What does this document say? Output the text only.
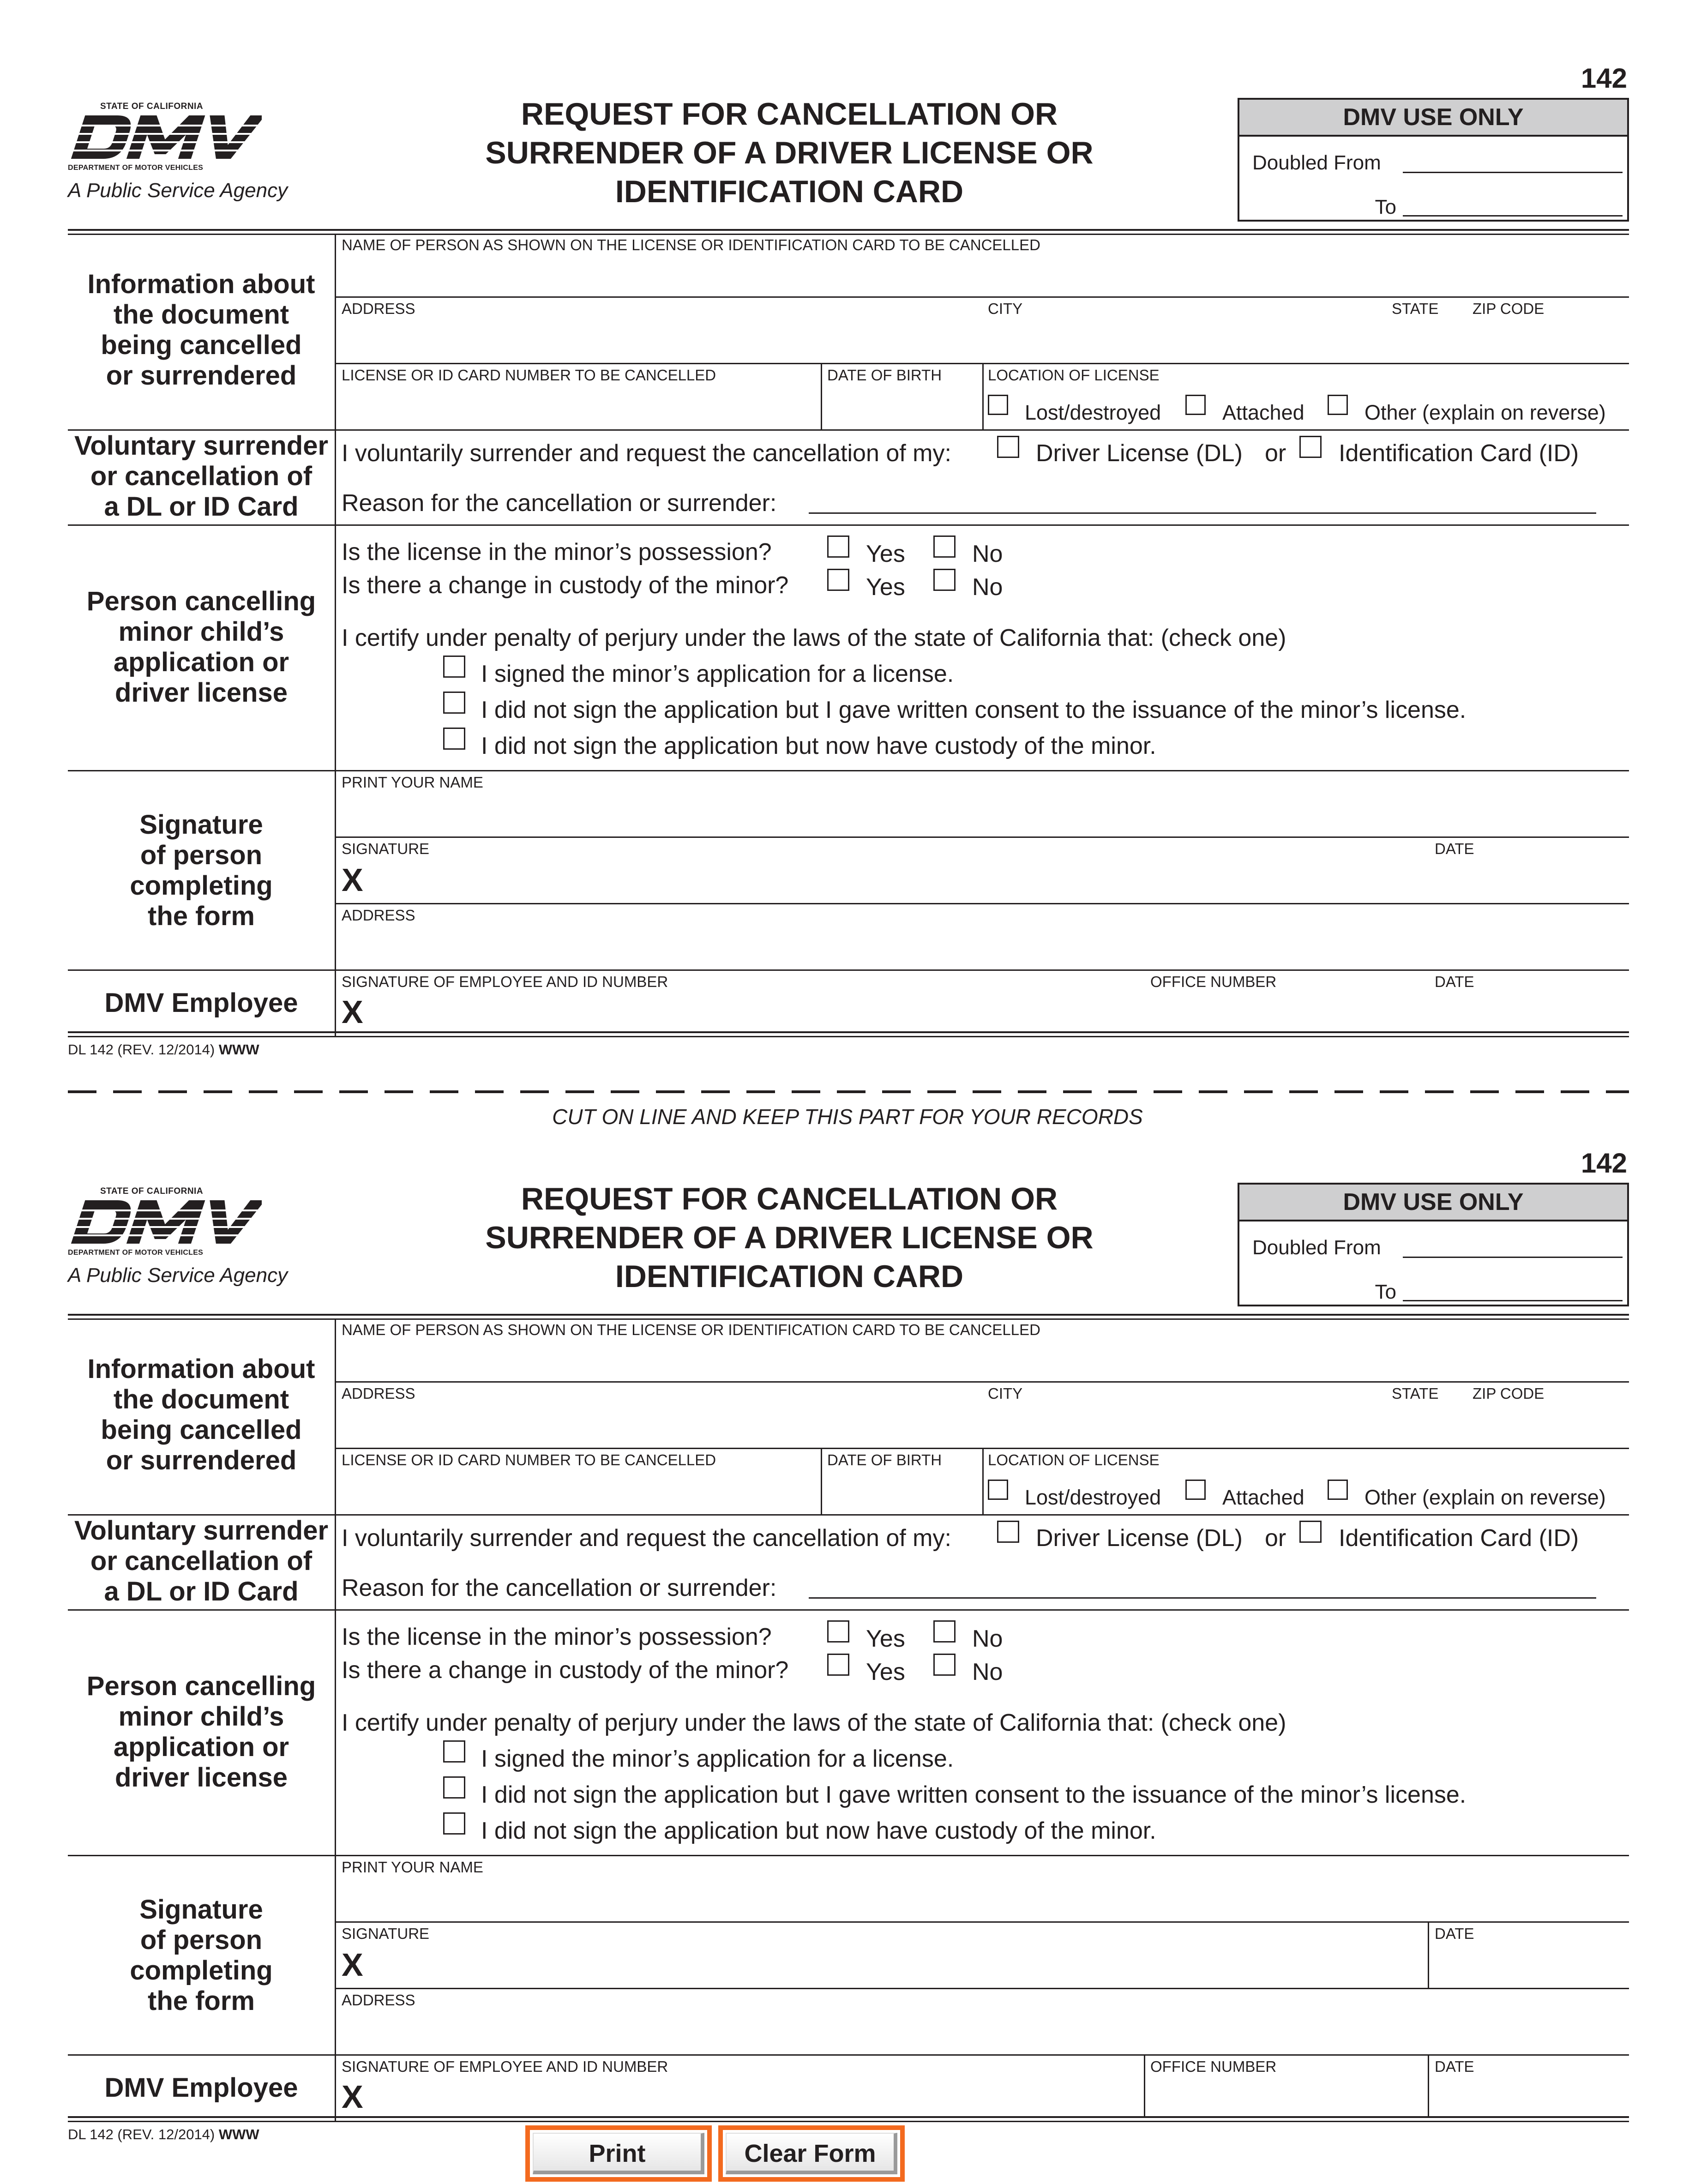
142
STATE OF CALIFORNIA
DEPARTMENT OF MOTOR VEHICLES
A Public Service Agency
REQUEST FOR CANCELLATION OR
SURRENDER OF A DRIVER LICENSE OR
IDENTIFICATION CARD
DMV USE ONLY
Doubled From
To
Information about
the document
being cancelled
or surrendered
NAME OF PERSON AS SHOWN ON THE LICENSE OR IDENTIFICATION CARD TO BE CANCELLED
ADDRESS	CITY	STATE ZIP CODE
LICENSE OR ID CARD NUMBER TO BE CANCELLED	DATE OF BIRTH	LOCATION OF LICENSE
Lost/destroyed	Attached	Other (explain on reverse)
Voluntary surrender
or cancellation of
a DL or ID Card
I voluntarily surrender and request the cancellation of my:	Driver License (DL) or Identification Card (ID)
Reason for the cancellation or surrender:
Person cancelling
minor child’s
application or
driver license
Is the license in the minor’s possession?	Yes	No
Is there a change in custody of the minor?	Yes	No
I certify under penalty of perjury under the laws of the state of California that: (check one)
I signed the minor’s application for a license.
I did not sign the application but I gave written consent to the issuance of the minor’s license.
I did not sign the application but now have custody of the minor.
Signature
of person
completing
the form
PRINT YOUR NAME
SIGNATURE	DATE
X
ADDRESS
DMV Employee
SIGNATURE OF EMPLOYEE AND ID NUMBER	OFFICE NUMBER	DATE
X
DL 142 (REV. 12/2014) WWW
CUT ON LINE AND KEEP THIS PART FOR YOUR RECORDS
142
STATE OF CALIFORNIA
DEPARTMENT OF MOTOR VEHICLES
A Public Service Agency
REQUEST FOR CANCELLATION OR
SURRENDER OF A DRIVER LICENSE OR
IDENTIFICATION CARD
DMV USE ONLY
Doubled From
To
Information about
the document
being cancelled
or surrendered
NAME OF PERSON AS SHOWN ON THE LICENSE OR IDENTIFICATION CARD TO BE CANCELLED
ADDRESS	CITY	STATE ZIP CODE
LICENSE OR ID CARD NUMBER TO BE CANCELLED	DATE OF BIRTH	LOCATION OF LICENSE
Lost/destroyed	Attached	Other (explain on reverse)
Voluntary surrender
or cancellation of
a DL or ID Card
I voluntarily surrender and request the cancellation of my:	Driver License (DL) or Identification Card (ID)
Reason for the cancellation or surrender:
Person cancelling
minor child’s
application or
driver license
Is the license in the minor’s possession?	Yes	No
Is there a change in custody of the minor?	Yes	No
I certify under penalty of perjury under the laws of the state of California that: (check one)
I signed the minor’s application for a license.
I did not sign the application but I gave written consent to the issuance of the minor’s license.
I did not sign the application but now have custody of the minor.
Signature
of person
completing
the form
PRINT YOUR NAME
SIGNATURE	DATE
X
ADDRESS
DMV Employee
SIGNATURE OF EMPLOYEE AND ID NUMBER	OFFICE NUMBER	DATE
X
DL 142 (REV. 12/2014) WWW
Print	Clear Form
